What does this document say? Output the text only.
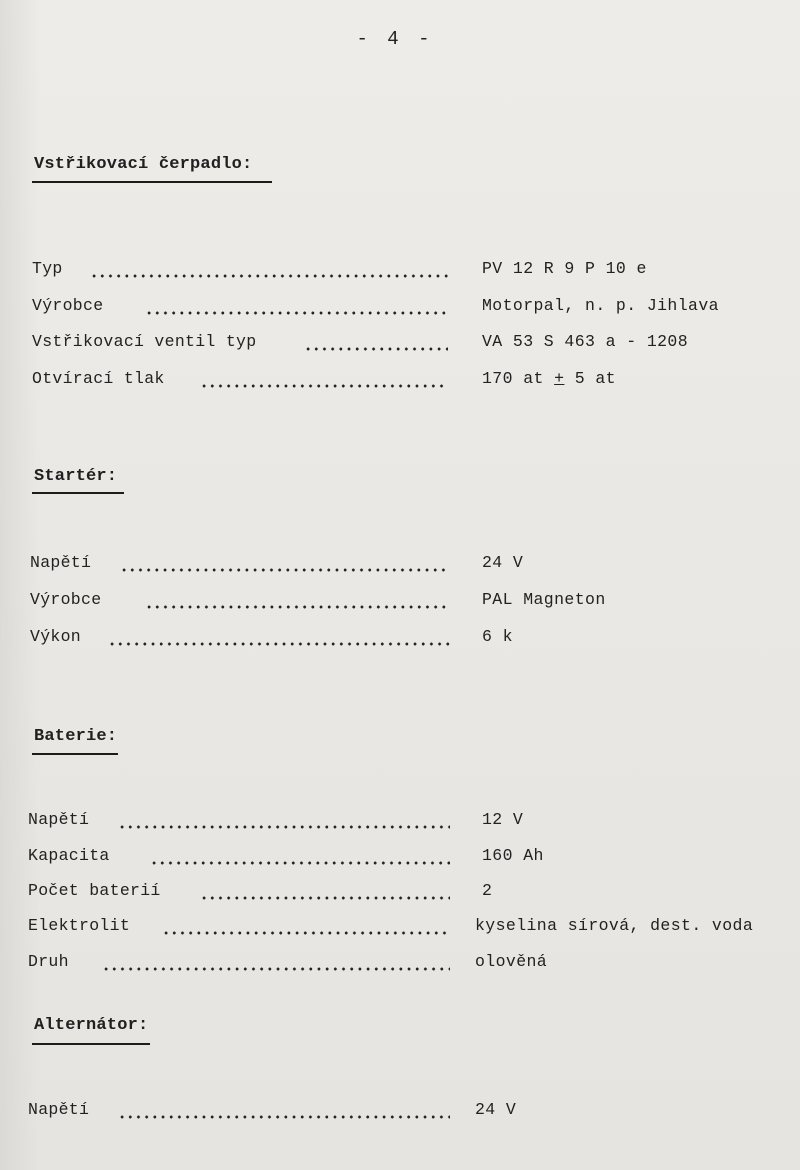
- 4 -
Vstřikovací čerpadlo:
Typ	PV 12 R 9 P 10 e
Výrobce	Motorpal, n. p. Jihlava
Vstřikovací ventil typ	VA 53 S 463 a - 1208
Otvírací tlak	170 at + 5 at
Startér:
Napětí	24 V
Výrobce	PAL Magneton
Výkon	6 k
Baterie:
Napětí	12 V
Kapacita	160 Ah
Počet baterií	2
Elektrolit	kyselina sírová, dest. voda
Druh	olověná
Alternátor:
Napětí	24 V
